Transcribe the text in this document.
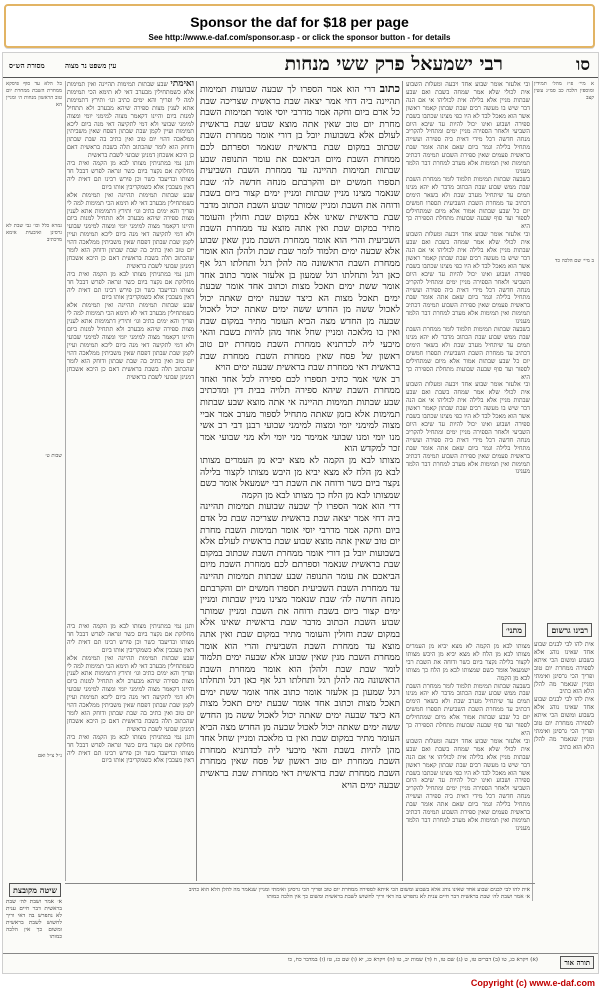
Sponsor the daf for $18 per page
See http://www.e-daf.com/sponsor.asp - or click the sponsor button - for details
רבי ישמעאל פרק ששי מנחות	סו
עין משפט נר מצוה
מסורת הש״ס

א מיי׳ פ״ז מהל׳ תמידין ומוספין הלכה כב סמ״ג עשין קצב

ב מיי׳ שם הלכה כד

ובי אלעזר אומר שבוע אחד ויבעה ומעלות השבוע אית לכולי שלא אמר שמחה בשבת ואם שבע שבתות מניין אלא בלילה אית לכוליהו אי אם הנה דבר שיש בו מעשה רבים שבת שבתון קאמר ראשון אשר הוא מאכל לבד לא היו כפי מצינו שכתבו בשבת ספירה ושבוע ואינו יכול להיות עד שיבא היום השביעי ולאחר הספירה מניין ימים ומתחיל להקריב מנחה חדשה דכל מידי דאית ביה ספירה ועשייה מתחיל בלילה וגמר ביום שאם אתה אומר שבת בראשית פעמים שאין ספירת השבוע תמימה דכתיב תמימות ואין תמימות אלא מערב למחרת דבר הלמד מענינו

בשבעה שבתות תמימות תלמוד לומר ממחרת השבת שבת ממש שבוע שבת הכתוב מדבר לא יהא מנינו תמים עד שיתחיל מערב שבת ולא בשאר הימים דכתיב עד ממחרת השבת השביעית תספרו חמשים יום כל שבע שבתות אמור אלא מיום שמתחילים לספור ועד סוף שבעה שבועות מתחלת הספירה כך היא

ובי אלעזר אומר שבוע אחד ויבעה ומעלות השבוע אית לכולי שלא אמר שמחה בשבת ואם שבע שבתות מניין אלא בלילה אית לכוליהו אי אם הנה דבר שיש בו מעשה רבים שבת שבתון קאמר ראשון אשר הוא מאכל לבד לא היו כפי מצינו שכתבו בשבת ספירה ושבוע ואינו יכול להיות עד שיבא היום השביעי ולאחר הספירה מניין ימים ומתחיל להקריב מנחה חדשה דכל מידי דאית ביה ספירה ועשייה מתחיל בלילה וגמר ביום שאם אתה אומר שבת בראשית פעמים שאין ספירת השבוע תמימה דכתיב תמימות ואין תמימות אלא מערב למחרת דבר הלמד מענינו

בשבעה שבתות תמימות תלמוד לומר ממחרת השבת שבת ממש שבוע שבת הכתוב מדבר לא יהא מנינו תמים עד שיתחיל מערב שבת ולא בשאר הימים דכתיב עד ממחרת השבת השביעית תספרו חמשים יום כל שבע שבתות אמור אלא מיום שמתחילים לספור ועד סוף שבעה שבועות מתחלת הספירה כך היא

ובי אלעזר אומר שבוע אחד ויבעה ומעלות השבוע אית לכולי שלא אמר שמחה בשבת ואם שבע שבתות מניין אלא בלילה אית לכוליהו אי אם הנה דבר שיש בו מעשה רבים שבת שבתון קאמר ראשון אשר הוא מאכל לבד לא היו כפי מצינו שכתבו בשבת ספירה ושבוע ואינו יכול להיות עד שיבא היום השביעי ולאחר הספירה מניין ימים ומתחיל להקריב מנחה חדשה דכל מידי דאית ביה ספירה ועשייה מתחיל בלילה וגמר ביום שאם אתה אומר שבת בראשית פעמים שאין ספירת השבוע תמימה דכתיב תמימות ואין תמימות אלא מערב למחרת דבר הלמד מענינו

מתני׳	רבינו גרשום

אית להו לבי לבנים שבוע אחד שאינו נוהג אלא בשבוע ומשום הכי איתא לספירה ממחרת יום טוב ופריך הכי גרסינן ואימתי ומניין שנאמר מה להלן הלא הוא כתיב

אית להו לבי לבנים שבוע אחד שאינו נוהג אלא בשבוע ומשום הכי איתא לספירה ממחרת יום טוב ופריך הכי גרסינן ואימתי ומניין שנאמר מה להלן הלא הוא כתיב

מצותו לבא מן הקמה לא מצא יביא מן העמרים מצותו לבא מן הלח לא מצא יביא מן היבש מצותו לקצור בלילה נקצר ביום כשר ודוחה את השבת רבי ישמעאל אומר כשם שמצותו לבא מן הלח כך מצותו לבא מן הקמה

בשבעה שבתות תמימות תלמוד לומר ממחרת השבת שבת ממש שבוע שבת הכתוב מדבר לא יהא מנינו תמים עד שיתחיל מערב שבת ולא בשאר הימים דכתיב עד ממחרת השבת השביעית תספרו חמשים יום כל שבע שבתות אמור אלא מיום שמתחילים לספור ועד סוף שבעה שבועות מתחלת הספירה כך היא

ובי אלעזר אומר שבוע אחד ויבעה ומעלות השבוע אית לכולי שלא אמר שמחה בשבת ואם שבע שבתות מניין אלא בלילה אית לכוליהו אי אם הנה דבר שיש בו מעשה רבים שבת שבתון קאמר ראשון אשר הוא מאכל לבד לא היו כפי מצינו שכתבו בשבת ספירה ושבוע ואינו יכול להיות עד שיבא היום השביעי ולאחר הספירה מניין ימים ומתחיל להקריב מנחה חדשה דכל מידי דאית ביה ספירה ועשייה מתחיל בלילה וגמר ביום שאם אתה אומר שבת בראשית פעמים שאין ספירת השבוע תמימה דכתיב תמימות ואין תמימות אלא מערב למחרת דבר הלמד מענינו

כתוב דרי הוא אמר הספרו לך שבעה שבועות תמימות תהיינה ביה דחי אמר יצאה שבת בראשית שצריכה שבת כל אדם ביום וחקה אמר מדרבי יוסי אומר תמימות השבת מחרת יום טוב שאין אתה מוצא שבוע שבת בראשית לעולם אלא בשבועות יובל בן דורי אומר ממחרת השבת שכתוב במקום שבת בראשית שנאמר וספרתם לכם ממחרת השבת מיום הביאכם את עומר התנופה שבע שבתות תמימות תהיינה עד ממחרת השבת השביעית תספרו חמשים יום והקרבתם מנחה חדשה לה׳ שבת שנאמר מצינו מניין שבתות ומניין ימים קצור ביום בשבת ודוחה את השבת ומניין שמותר שבוע השבת הכתוב מדבר שבת בראשית שאינו אלא במקום שבת וחולין והעומר מתיר במקום שבת ואין אתה מוצא עד ממחרת השבת השביעית והרי הוא אומר ממחרת השבת מנין שאין שבוע אלא שבעה ימים תלמוד לומר שבת שבת ולהלן הוא אומר ממחרת השבת הראשונה מה להלן רגל ותחלתו רגל אף כאן רגל ותחלתו רגל שמעון בן אלעזר אומר כתוב אחד אומר ששת ימים תאכל מצות וכתוב אחד אומר שבעת ימים תאכל מצות הא כיצד שבעה ימים שאתה יכול לאכול ששה מן החדש ששה ימים שאתה יכול לאכול שבעה מן החדש מצה הביא העומר מתיר במקום שבת ואין בו מלאכה ומניין שחל אחד מהן להיות בשבת והאי מיבעי ליה לכדתניא ממחרת השבת ממחרת יום טוב ראשון של פסח שאין ממחרת השבת ממחרת שבת בראשית דאי ממחרת שבת בראשית שבעה ימים הויא

רב אשי אמר כתיב תספרו לכם ספירה לכל אחד ואחד ממחרת השבת שיהא ספירה תלויה בבית דין ומדכתיב שבע שבתות תמימות תהיינה אי אתה מוצא שבע שבתות תמימות אלא בזמן שאתה מתחיל לספור מערב אמר אביי מצוה למימני יומי ומצוה למימני שבועי רבנן דבי רב אשי מנו יומי ומנו שבועי אמימר מני יומי ולא מני שבועי אמר זכר למקדש הוא

מצותו לבא מן הקמה לא מצא יביא מן העמרים מצותו לבא מן הלח לא מצא יביא מן היבש מצותו לקצור בלילה נקצר ביום כשר ודוחה את השבת רבי ישמעאל אומר כשם שמצותו לבא מן הלח כך מצותו לבא מן הקמה

דרי הוא אמר הספרו לך שבעה שבועות תמימות תהיינה ביה דחי אמר יצאה שבת בראשית שצריכה שבת כל אדם ביום וחקה אמר מדרבי יוסי אומר תמימות השבת מחרת יום טוב שאין אתה מוצא שבוע שבת בראשית לעולם אלא בשבועות יובל בן דורי אומר ממחרת השבת שכתוב במקום שבת בראשית שנאמר וספרתם לכם ממחרת השבת מיום הביאכם את עומר התנופה שבע שבתות תמימות תהיינה עד ממחרת השבת השביעית תספרו חמשים יום והקרבתם מנחה חדשה לה׳ שבת שנאמר מצינו מניין שבתות ומניין ימים קצור ביום בשבת ודוחה את השבת ומניין שמותר שבוע השבת הכתוב מדבר שבת בראשית שאינו אלא במקום שבת וחולין והעומר מתיר במקום שבת ואין אתה מוצא עד ממחרת השבת השביעית והרי הוא אומר ממחרת השבת מנין שאין שבוע אלא שבעה ימים תלמוד לומר שבת שבת ולהלן הוא אומר ממחרת השבת הראשונה מה להלן רגל ותחלתו רגל אף כאן רגל ותחלתו רגל שמעון בן אלעזר אומר כתוב אחד אומר ששת ימים תאכל מצות וכתוב אחד אומר שבעת ימים תאכל מצות הא כיצד שבעה ימים שאתה יכול לאכול ששה מן החדש ששה ימים שאתה יכול לאכול שבעה מן החדש מצה הביא העומר מתיר במקום שבת ואין בו מלאכה ומניין שחל אחד מהן להיות בשבת והאי מיבעי ליה לכדתניא ממחרת השבת ממחרת יום טוב ראשון של פסח שאין ממחרת השבת ממחרת שבת בראשית דאי ממחרת שבת בראשית שבעה ימים הויא

ואימתי שבע שבתות תמימות תהיינה ואין תמימות אלא כשמתחילין מבערב דאי לא תימא הכי תמימות למה לי ופריך והא ימים כתיב וגו׳ ותירץ דתמימות אתא לענין מצות ספירה שיהא מבערב ולא תתחיל למנות ביום והיינו דקאמר מצוה למימני יומי ומצוה למימני שבועי ולא דמי לתקיעה דאי מנה ביום ליכא תמימות ועיין לקמן שבת שבתון דפסח שאין משביתין ממלאכה דהוי יום טוב ואין כתיב בה שבת שבתון ודוחק הוא לומר שהכתוב תלה בשבת בראשית דאם כן היכא אשכחן דמנינן שבועי לשבת בראשית

ותנן נמי במתניתין מצותו לבא מן הקמה ואית ביה מחלוקת אם נקצר ביום כשר ונראה לפרש דבכל חד מצותו ובדיעבד כשר וכן פירש רבינו תם דאית ליה דאין מעכבין אלא כשמקריבין אותו ביום

שבע שבתות תמימות תהיינה ואין תמימות אלא כשמתחילין מבערב דאי לא תימא הכי תמימות למה לי ופריך והא ימים כתיב וגו׳ ותירץ דתמימות אתא לענין מצות ספירה שיהא מבערב ולא תתחיל למנות ביום והיינו דקאמר מצוה למימני יומי ומצוה למימני שבועי ולא דמי לתקיעה דאי מנה ביום ליכא תמימות ועיין לקמן שבת שבתון דפסח שאין משביתין ממלאכה דהוי יום טוב ואין כתיב בה שבת שבתון ודוחק הוא לומר שהכתוב תלה בשבת בראשית דאם כן היכא אשכחן דמנינן שבועי לשבת בראשית

ותנן נמי במתניתין מצותו לבא מן הקמה ואית ביה מחלוקת אם נקצר ביום כשר ונראה לפרש דבכל חד מצותו ובדיעבד כשר וכן פירש רבינו תם דאית ליה דאין מעכבין אלא כשמקריבין אותו ביום

שבע שבתות תמימות תהיינה ואין תמימות אלא כשמתחילין מבערב דאי לא תימא הכי תמימות למה לי ופריך והא ימים כתיב וגו׳ ותירץ דתמימות אתא לענין מצות ספירה שיהא מבערב ולא תתחיל למנות ביום והיינו דקאמר מצוה למימני יומי ומצוה למימני שבועי ולא דמי לתקיעה דאי מנה ביום ליכא תמימות ועיין לקמן שבת שבתון דפסח שאין משביתין ממלאכה דהוי יום טוב ואין כתיב בה שבת שבתון ודוחק הוא לומר שהכתוב תלה בשבת בראשית דאם כן היכא אשכחן דמנינן שבועי לשבת בראשית

ותנן נמי במתניתין מצותו לבא מן הקמה ואית ביה מחלוקת אם נקצר ביום כשר ונראה לפרש דבכל חד מצותו ובדיעבד כשר וכן פירש רבינו תם דאית ליה דאין מעכבין אלא כשמקריבין אותו ביום

שבע שבתות תמימות תהיינה ואין תמימות אלא כשמתחילין מבערב דאי לא תימא הכי תמימות למה לי ופריך והא ימים כתיב וגו׳ ותירץ דתמימות אתא לענין מצות ספירה שיהא מבערב ולא תתחיל למנות ביום והיינו דקאמר מצוה למימני יומי ומצוה למימני שבועי ולא דמי לתקיעה דאי מנה ביום ליכא תמימות ועיין לקמן שבת שבתון דפסח שאין משביתין ממלאכה דהוי יום טוב ואין כתיב בה שבת שבתון ודוחק הוא לומר שהכתוב תלה בשבת בראשית דאם כן היכא אשכחן דמנינן שבועי לשבת בראשית

ותנן נמי במתניתין מצותו לבא מן הקמה ואית ביה מחלוקת אם נקצר ביום כשר ונראה לפרש דבכל חד מצותו ובדיעבד כשר וכן פירש רבינו תם דאית ליה דאין מעכבין אלא כשמקריבין אותו ביום

כל הלא עד סוף פיסקא ממחרת השבת ממחרת יום טוב הראשון מנחות ה׳ ומניין הא

גמרא כלל וכו׳ גבי שבת לא גרסינן ואיבעית אימא מדכתיב

שבות ט׳

נ״ל צ״ל ואם

שיטה מקובצת

א׳ אמר ושבת לה׳ שבת בראשית דבר חיים ענית לא נתפרש בה דאי וריך לחשוש לשבת בראשית ומשום כך אין הלכה כמותו

אית להו לבי לבנים שבוע אחד שאינו נוהג אלא בשבוע ומשום הכי איתא לספירה ממחרת יום טוב ופריך הכי גרסינן ואימתי ומניין שנאמר מה להלן הלא הוא כתיב

א׳ אמר ושבת לה׳ שבת בראשית דבר חיים ענית לא נתפרש בה דאי וריך לחשוש לשבת בראשית ומשום כך אין הלכה כמותו

תורה אור

(א) ויקרא כג, טו (ב) דברים טז, ט (ג) שם טז, ח (ד) שמות יב, טו (ה) ויקרא כג, יא (ו) שם כג, טז (ז) במדבר כח, כו

Copyright (c) www.e-daf.com
